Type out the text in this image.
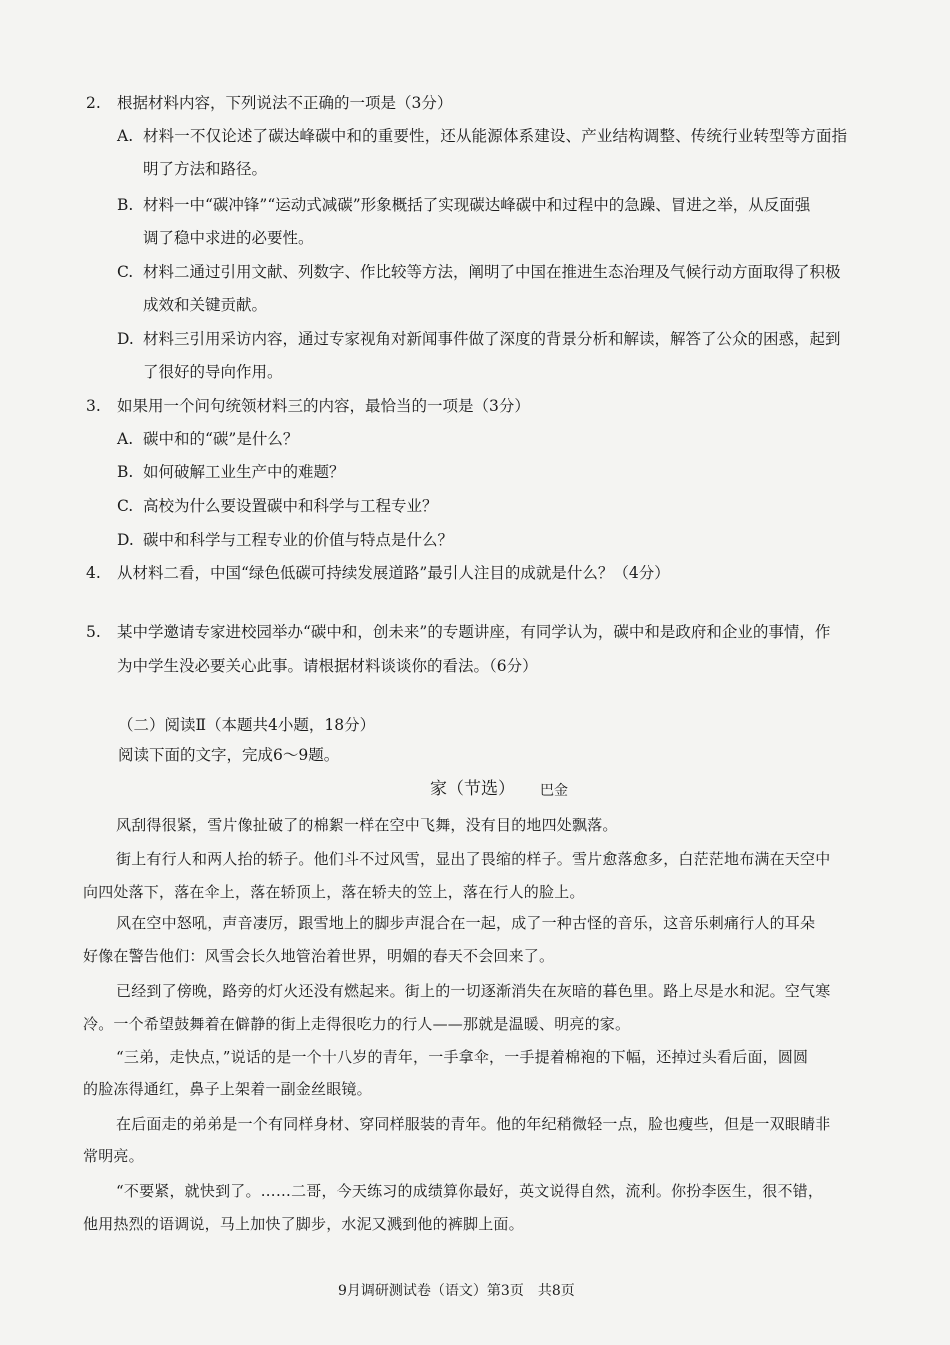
2. 根据材料内容，下列说法不正确的一项是（3分）
A. 材料一不仅论述了碳达峰碳中和的重要性，还从能源体系建设、产业结构调整、传统行业转型等方面指
明了方法和路径。
B. 材料一中“碳冲锋”“运动式减碳”形象概括了实现碳达峰碳中和过程中的急躁、冒进之举，从反面强
调了稳中求进的必要性。
C. 材料二通过引用文献、列数字、作比较等方法，阐明了中国在推进生态治理及气候行动方面取得了积极
成效和关键贡献。
D. 材料三引用采访内容，通过专家视角对新闻事件做了深度的背景分析和解读，解答了公众的困惑，起到
了很好的导向作用。
3. 如果用一个问句统领材料三的内容，最恰当的一项是（3分）
A. 碳中和的“碳”是什么？
B. 如何破解工业生产中的难题？
C. 高校为什么要设置碳中和科学与工程专业？
D. 碳中和科学与工程专业的价值与特点是什么？
4. 从材料二看，中国“绿色低碳可持续发展道路”最引人注目的成就是什么？（4分）
5. 某中学邀请专家进校园举办“碳中和，创未来”的专题讲座，有同学认为，碳中和是政府和企业的事情，作
为中学生没必要关心此事。请根据材料谈谈你的看法。（6分）
（二）阅读Ⅱ（本题共4小题，18分）
阅读下面的文字，完成6～9题。
家（节选） 巴金
风刮得很紧，雪片像扯破了的棉絮一样在空中飞舞，没有目的地四处飘落。
街上有行人和两人抬的轿子。他们斗不过风雪，显出了畏缩的样子。雪片愈落愈多，白茫茫地布满在天空中
向四处落下，落在伞上，落在轿顶上，落在轿夫的笠上，落在行人的脸上。
风在空中怒吼，声音凄厉，跟雪地上的脚步声混合在一起，成了一种古怪的音乐，这音乐刺痛行人的耳朵
好像在警告他们：风雪会长久地管治着世界，明媚的春天不会回来了。
已经到了傍晚，路旁的灯火还没有燃起来。街上的一切逐渐消失在灰暗的暮色里。路上尽是水和泥。空气寒
冷。一个希望鼓舞着在僻静的街上走得很吃力的行人——那就是温暖、明亮的家。
“三弟，走快点，”说话的是一个十八岁的青年，一手拿伞，一手提着棉袍的下幅，还掉过头看后面，圆圆
的脸冻得通红，鼻子上架着一副金丝眼镜。
在后面走的弟弟是一个有同样身材、穿同样服装的青年。他的年纪稍微轻一点，脸也瘦些，但是一双眼睛非
常明亮。
“不要紧，就快到了。……二哥，今天练习的成绩算你最好，英文说得自然，流利。你扮李医生，很不错，
他用热烈的语调说，马上加快了脚步，水泥又溅到他的裤脚上面。
9月调研测试卷（语文）第3页　共8页
